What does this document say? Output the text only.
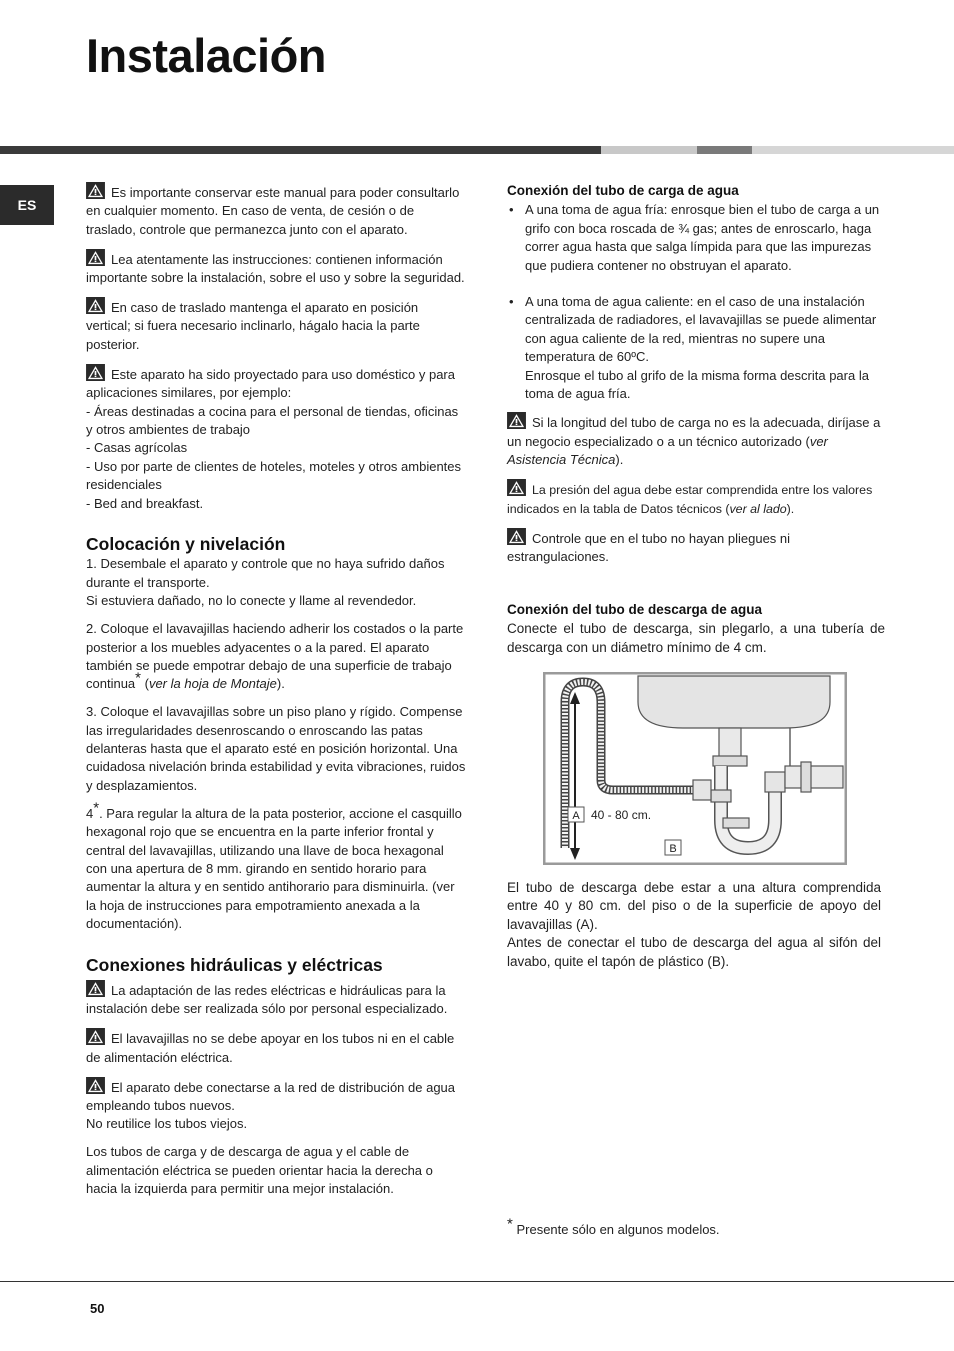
Instalación
ES

Es importante conservar este manual para poder consultarlo en cualquier momento. En caso de venta, de cesión o de traslado, controle que permanezca junto con el aparato.

Lea atentamente las instrucciones: contienen información importante sobre la instalación, sobre el uso y sobre la seguridad.

En caso de traslado mantenga el aparato en posición vertical; si fuera necesario inclinarlo, hágalo hacia la parte posterior.

Este aparato ha sido proyectado para uso doméstico y para aplicaciones similares, por ejemplo:

- Áreas destinadas a cocina para el personal de tiendas, oficinas y otros ambientes de trabajo
- Casas agrícolas
- Uso por parte de clientes de hoteles, moteles y otros ambientes residenciales
- Bed and breakfast.
Colocación y nivelación
1. Desembale el aparato y controle que no haya sufrido daños durante el transporte.

Si estuviera dañado, no lo conecte y llame al revendedor.

2. Coloque el lavavajillas haciendo adherir los costados o la parte posterior a los muebles adyacentes o a la pared. El aparato también se puede empotrar debajo de una superficie de trabajo continua* (ver la hoja de Montaje).

3. Coloque el lavavajillas sobre un piso plano y rígido. Compense las irregularidades desenroscando o enroscando las patas delanteras hasta que el aparato esté en posición horizontal. Una cuidadosa nivelación brinda estabilidad y evita vibraciones, ruidos y desplazamientos.

4*. Para regular la altura de la pata posterior, accione el casquillo hexagonal rojo que se encuentra en la parte inferior frontal y central del lavavajillas, utilizando una llave de boca hexagonal con una apertura de 8 mm. girando en sentido horario para aumentar la altura y en sentido antihorario para disminuirla. (ver la hoja de instrucciones para empotramiento anexada a la documentación).

Conexiones hidráulicas y eléctricas

La adaptación de las redes eléctricas e hidráulicas para la instalación debe ser realizada sólo por personal especializado.

El lavavajillas no se debe apoyar en los tubos ni en el cable de alimentación eléctrica.

El aparato debe conectarse a la red de distribución de agua empleando tubos nuevos.

No reutilice los tubos viejos.

Los tubos de carga y de descarga de agua y el cable de alimentación eléctrica se pueden orientar hacia la derecha o hacia la izquierda para permitir una mejor instalación.

Conexión del tubo de carga de agua
• A una toma de agua fría: enrosque bien el tubo de carga a un grifo con boca roscada de ¾ gas; antes de enroscarlo, haga correr agua hasta que salga límpida para que las impurezas que pudiera contener no obstruyan el aparato.
• A una toma de agua caliente: en el caso de una instalación centralizada de radiadores, el lavavajillas se puede alimentar con agua caliente de la red, mientras no supere una temperatura de 60ºC.
Enrosque el tubo al grifo de la misma forma descrita para la toma de agua fría.

Si la longitud del tubo de carga no es la adecuada, diríjase a un negocio especializado o a un técnico autorizado (ver Asistencia Técnica).

La presión del agua debe estar comprendida entre los valores indicados en la tabla de Datos técnicos (ver al lado).

Controle que en el tubo no hayan pliegues ni estrangulaciones.

Conexión del tubo de descarga de agua
Conecte el tubo de descarga, sin plegarlo, a una tubería de descarga con un diámetro mínimo de 4 cm.
A 40 - 80 cm.
B
El tubo de descarga debe estar a una altura comprendida entre 40 y 80 cm. del piso o de la superficie de apoyo del lavavajillas (A).
Antes de conectar el tubo de descarga del agua al sifón del lavabo, quite el tapón de plástico (B).
* Presente sólo en algunos modelos.
50
